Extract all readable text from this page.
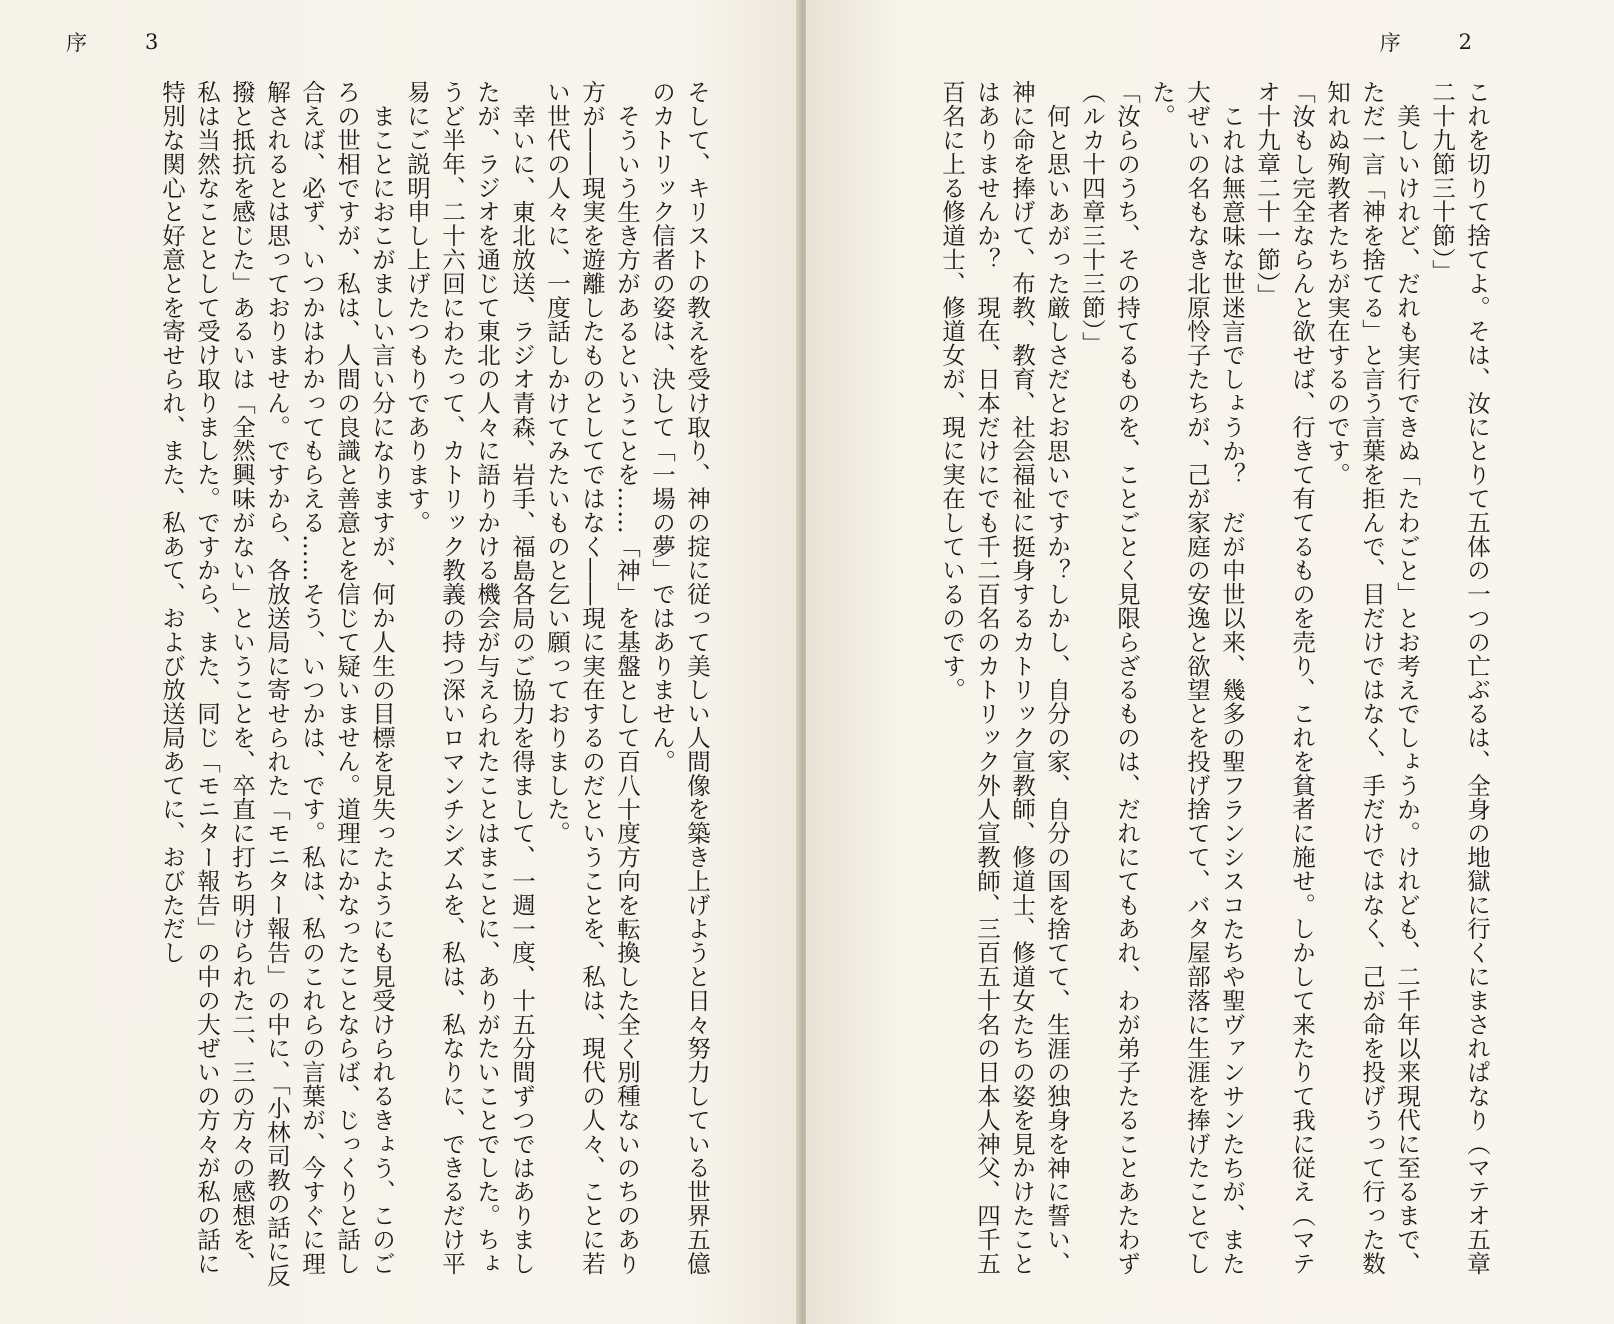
序	3

そして、キリストの教えを受け取り、神の掟に従って美しい人間像を築き上げようと日々努力している世界五億のカトリック信者の姿は、決して「一場の夢」ではありません。

そういう生き方があるということを……「神」を基盤として百八十度方向を転換した全く別種ないのちのあり方が――現実を遊離したものとしてではなく――現に実在するのだということを、私は、現代の人々、ことに若い世代の人々に、一度話しかけてみたいものと乞い願っておりました。

幸いに、東北放送、ラジオ青森、岩手、福島各局のご協力を得まして、一週一度、十五分間ずつではありましたが、ラジオを通じて東北の人々に語りかける機会が与えられたことはまことに、ありがたいことでした。ちょうど半年、二十六回にわたって、カトリック教義の持つ深いロマンチシズムを、私は、私なりに、できるだけ平易にご説明申し上げたつもりであります。

まことにおこがましい言い分になりますが、何か人生の目標を見失ったようにも見受けられるきょう、このごろの世相ですが、私は、人間の良識と善意とを信じて疑いません。道理にかなったことならば、じっくりと話し合えば、必ず、いつかはわかってもらえる……そう、いつかは、です。私は、私のこれらの言葉が、今すぐに理解されるとは思っておりません。ですから、各放送局に寄せられた「モニター報告」の中に、「小林司教の話に反撥と抵抗を感じた」あるいは「全然興味がない」ということを、卒直に打ち明けられた二、三の方々の感想を、私は当然なこととして受け取りました。ですから、また、同じ「モニター報告」の中の大ぜいの方々が私の話に特別な関心と好意とを寄せられ、また、私あて、および放送局あてに、おびただし

序	2

これを切りて捨てよ。そは、汝にとりて五体の一つの亡ぶるは、全身の地獄に行くにまされぱなり（マテオ五章二十九節三十節）」

美しいけれど、だれも実行できぬ「たわごと」とお考えでしょうか。けれども、二千年以来現代に至るまで、ただ一言「神を捨てる」と言う言葉を拒んで、目だけではなく、手だけではなく、己が命を投げうって行った数知れぬ殉教者たちが実在するのです。

「汝もし完全ならんと欲せば、行きて有てるものを売り、これを貧者に施せ。しかして来たりて我に従え（マテオ十九章二十一節）」

これは無意味な世迷言でしょうか？　だが中世以来、幾多の聖フランシスコたちや聖ヴァンサンたちが、また大ぜいの名もなき北原怜子たちが、己が家庭の安逸と欲望とを投げ捨てて、バタ屋部落に生涯を捧げたことでした。

「汝らのうち、その持てるものを、ことごとく見限らざるものは、だれにてもあれ、わが弟子たることあたわず（ルカ十四章三十三節）」

何と思いあがった厳しさだとお思いですか？しかし、自分の家、自分の国を捨てて、生涯の独身を神に誓い、神に命を捧げて、布教、教育、社会福祉に挺身するカトリック宣教師、修道士、修道女たちの姿を見かけたことはありませんか？　現在、日本だけにでも千二百名のカトリック外人宣教師、三百五十名の日本人神父、四千五百名に上る修道士、修道女が、現に実在しているのです。
